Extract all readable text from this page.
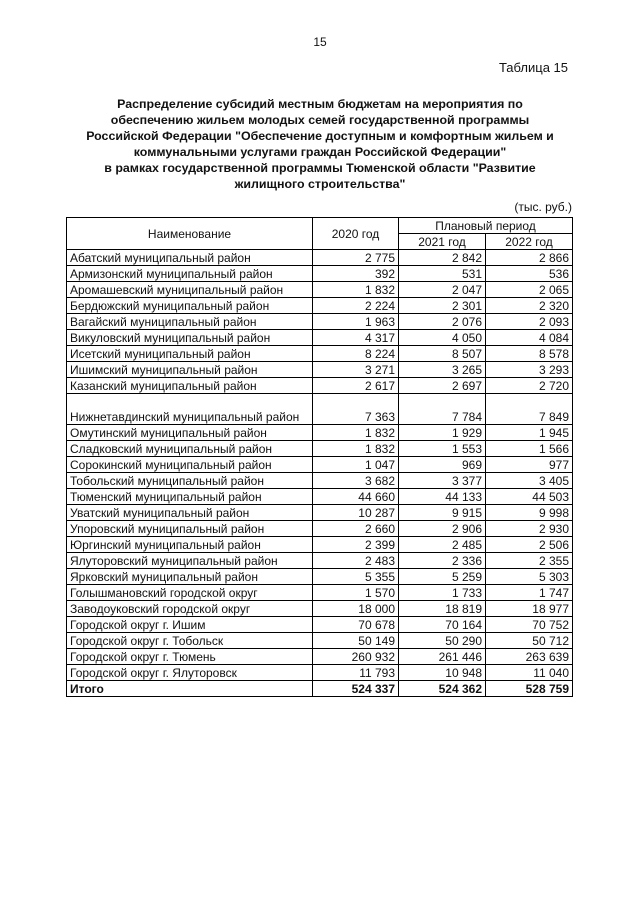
15
Таблица 15
Распределение субсидий местным бюджетам на мероприятия по
обеспечению жильем молодых семей государственной программы
Российской Федерации "Обеспечение доступным и комфортным жильем и
коммунальными услугами граждан Российской Федерации"
в рамках государственной программы Тюменской области "Развитие
жилищного строительства"
(тыс. руб.)
Наименование	2020 год	Плановый период	
		2021 год	2022 год
Абатский муниципальный район	2 775	2 842	2 866
Армизонский муниципальный район	392	531	536
Аромашевский муниципальный район	1 832	2 047	2 065
Бердюжский муниципальный район	2 224	2 301	2 320
Вагайский муниципальный район	1 963	2 076	2 093
Викуловский муниципальный район	4 317	4 050	4 084
Исетский муниципальный район	8 224	8 507	8 578
Ишимский муниципальный район	3 271	3 265	3 293
Казанский муниципальный район	2 617	2 697	2 720
Нижнетавдинский муниципальный район	7 363	7 784	7 849
Омутинский муниципальный район	1 832	1 929	1 945
Сладковский муниципальный район	1 832	1 553	1 566
Сорокинский муниципальный район	1 047	969	977
Тобольский муниципальный район	3 682	3 377	3 405
Тюменский муниципальный район	44 660	44 133	44 503
Уватский муниципальный район	10 287	9 915	9 998
Упоровский муниципальный район	2 660	2 906	2 930
Юргинский муниципальный район	2 399	2 485	2 506
Ялуторовский муниципальный район	2 483	2 336	2 355
Ярковский муниципальный район	5 355	5 259	5 303
Голышмановский городской округ	1 570	1 733	1 747
Заводоуковский городской округ	18 000	18 819	18 977
Городской округ г. Ишим	70 678	70 164	70 752
Городской округ г. Тобольск	50 149	50 290	50 712
Городской округ г. Тюмень	260 932	261 446	263 639
Городской округ г. Ялуторовск	11 793	10 948	11 040
Итого	524 337	524 362	528 759
